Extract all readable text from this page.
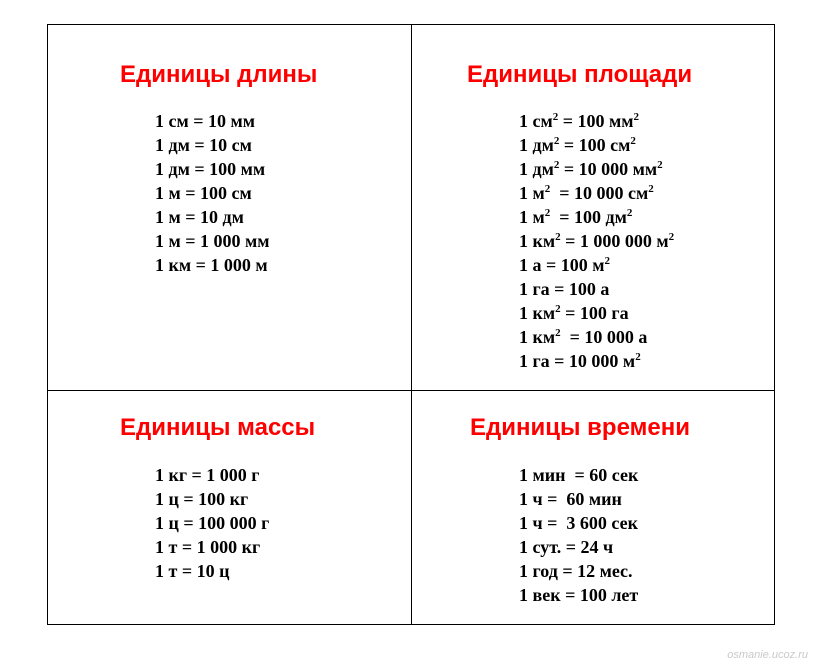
Единицы длины
1 см = 10 мм
1 дм = 10 см
1 дм = 100 мм
1 м = 100 см
1 м = 10 дм
1 м = 1 000 мм
1 км = 1 000 м
Единицы площади
1 $см^2 = 100$ $мм^2$
1 $дм^2 = 100$ $см^2$
1 $дм^2 = 10$ 000 $мм^2$
1 $м^2 = 10$ 000 $см^2$
1 $м^2 = 100$ $дм^2$
1 $км^2 = 1$ 000 000 $м^2$
1 а = 100 $м^2$
1 га = 100 а
1 $км^2 = 100$ га
1 $км^2 = 10$ 000 а
1 га = 10 000 $м^2$
Единицы массы
1 кг = 1 000 г
1 ц = 100 кг
1 ц = 100 000 г
1 т = 1 000 кг
1 т = 10 ц
Единицы времени
1 мин  = 60 сек
1 ч =  60 мин
1 ч =  3 600 сек
1 сут. = 24 ч
1 год = 12 мес.
1 век = 100 лет
osmanie.ucoz.ru
